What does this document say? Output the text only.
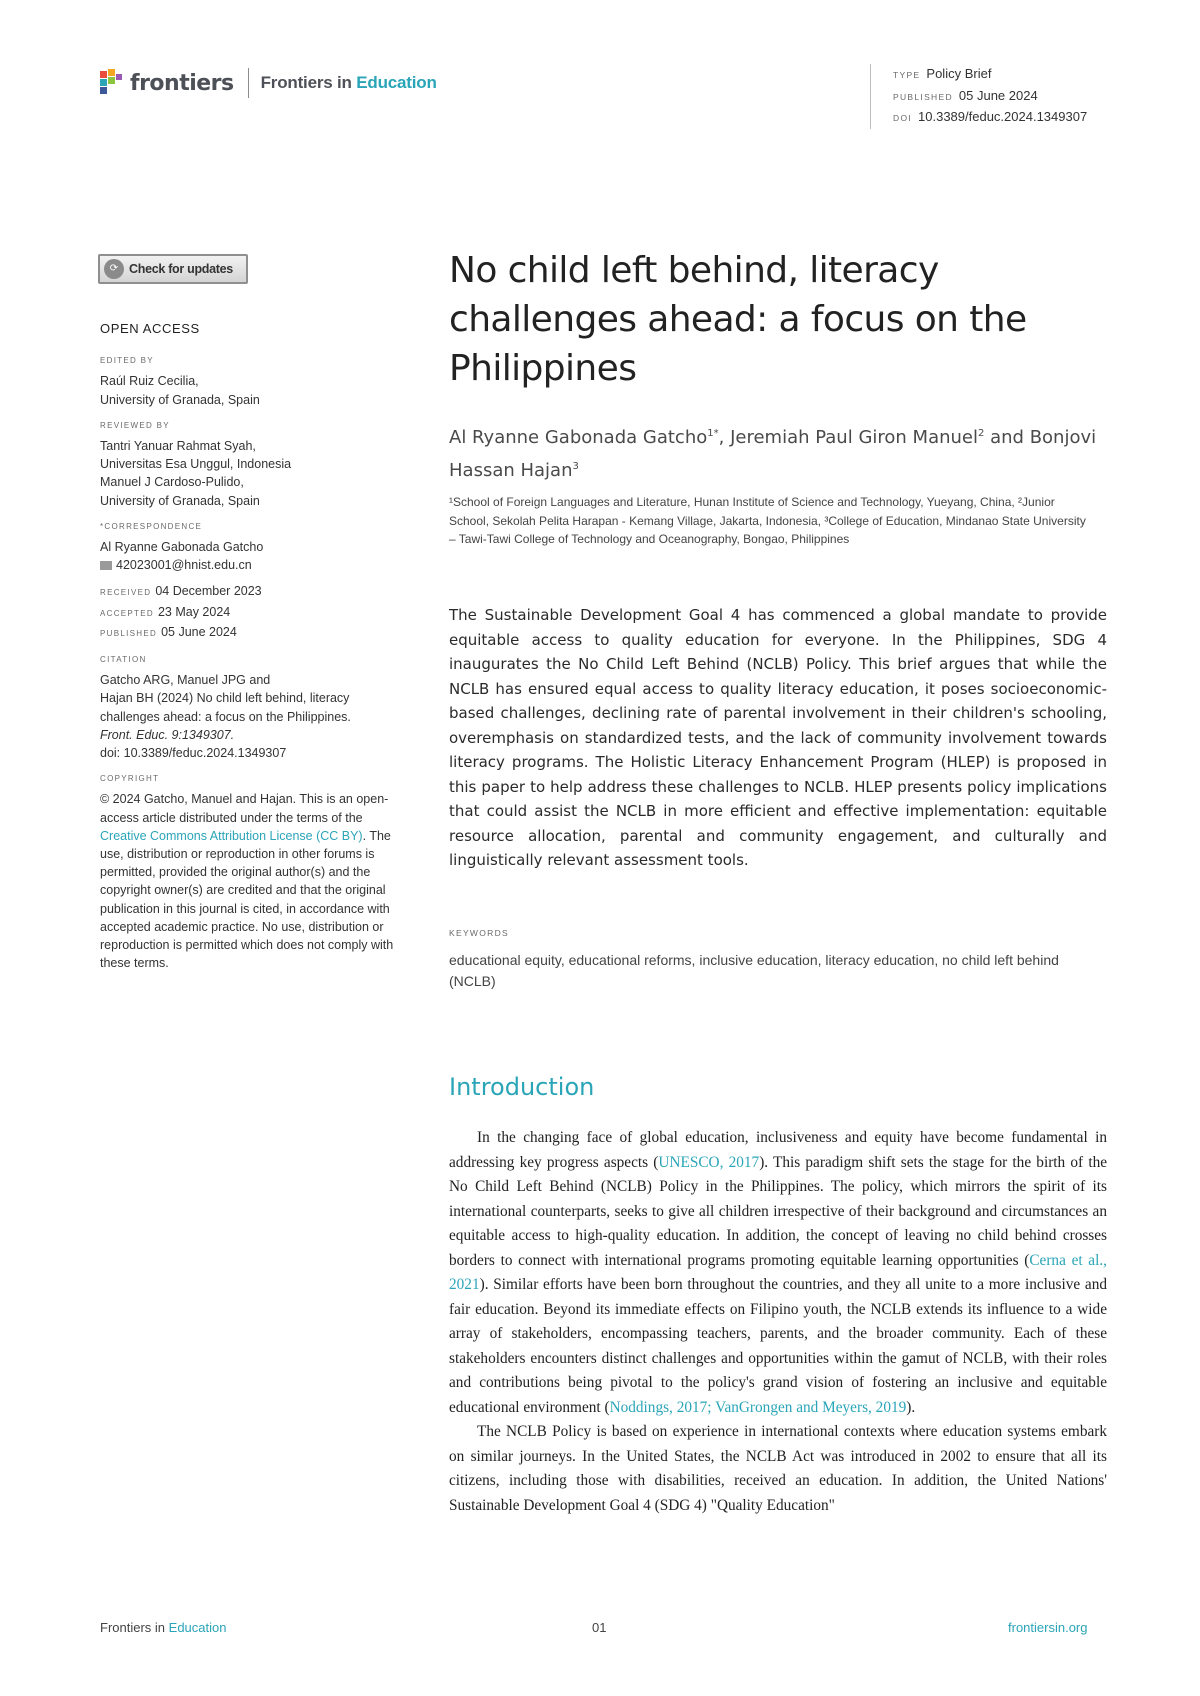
frontiers Frontiers in Education	TYPE Policy Brief
PUBLISHED 05 June 2024
DOI 10.3389/feduc.2024.1349307
⟳ Check for updates
OPEN ACCESS
EDITED BY
Raúl Ruiz Cecilia,
University of Granada, Spain
REVIEWED BY
Tantri Yanuar Rahmat Syah,
Universitas Esa Unggul, Indonesia
Manuel J Cardoso-Pulido,
University of Granada, Spain
*CORRESPONDENCE
Al Ryanne Gabonada Gatcho
42023001@hnist.edu.cn
RECEIVED 04 December 2023
ACCEPTED 23 May 2024
PUBLISHED 05 June 2024
CITATION
Gatcho ARG, Manuel JPG and
Hajan BH (2024) No child left behind, literacy
challenges ahead: a focus on the Philippines.
Front. Educ. 9:1349307.
doi: 10.3389/feduc.2024.1349307
COPYRIGHT
© 2024 Gatcho, Manuel and Hajan. This is an open-access article distributed under the terms of the Creative Commons Attribution License (CC BY). The use, distribution or reproduction in other forums is permitted, provided the original author(s) and the copyright owner(s) are credited and that the original publication in this journal is cited, in accordance with accepted academic practice. No use, distribution or reproduction is permitted which does not comply with these terms.
No child left behind, literacy challenges ahead: a focus on the Philippines
Al Ryanne Gabonada Gatcho$^{1*}$, Jeremiah Paul Giron Manuel$^2$ and Bonjovi Hassan Hajan$^3$
¹School of Foreign Languages and Literature, Hunan Institute of Science and Technology, Yueyang, China, ²Junior School, Sekolah Pelita Harapan - Kemang Village, Jakarta, Indonesia, ³College of Education, Mindanao State University – Tawi-Tawi College of Technology and Oceanography, Bongao, Philippines
The Sustainable Development Goal 4 has commenced a global mandate to provide equitable access to quality education for everyone. In the Philippines, SDG 4 inaugurates the No Child Left Behind (NCLB) Policy. This brief argues that while the NCLB has ensured equal access to quality literacy education, it poses socioeconomic-based challenges, declining rate of parental involvement in their children's schooling, overemphasis on standardized tests, and the lack of community involvement towards literacy programs. The Holistic Literacy Enhancement Program (HLEP) is proposed in this paper to help address these challenges to NCLB. HLEP presents policy implications that could assist the NCLB in more efficient and effective implementation: equitable resource allocation, parental and community engagement, and culturally and linguistically relevant assessment tools.
KEYWORDS
educational equity, educational reforms, inclusive education, literacy education, no child left behind (NCLB)
Introduction

In the changing face of global education, inclusiveness and equity have become fundamental in addressing key progress aspects (UNESCO, 2017). This paradigm shift sets the stage for the birth of the No Child Left Behind (NCLB) Policy in the Philippines. The policy, which mirrors the spirit of its international counterparts, seeks to give all children irrespective of their background and circumstances an equitable access to high-quality education. In addition, the concept of leaving no child behind crosses borders to connect with international programs promoting equitable learning opportunities (Cerna et al., 2021). Similar efforts have been born throughout the countries, and they all unite to a more inclusive and fair education. Beyond its immediate effects on Filipino youth, the NCLB extends its influence to a wide array of stakeholders, encompassing teachers, parents, and the broader community. Each of these stakeholders encounters distinct challenges and opportunities within the gamut of NCLB, with their roles and contributions being pivotal to the policy's grand vision of fostering an inclusive and equitable educational environment (Noddings, 2017; VanGrongen and Meyers, 2019).

The NCLB Policy is based on experience in international contexts where education systems embark on similar journeys. In the United States, the NCLB Act was introduced in 2002 to ensure that all its citizens, including those with disabilities, received an education. In addition, the United Nations' Sustainable Development Goal 4 (SDG 4) "Quality Education"

Frontiers in Education	01	frontiersin.org
